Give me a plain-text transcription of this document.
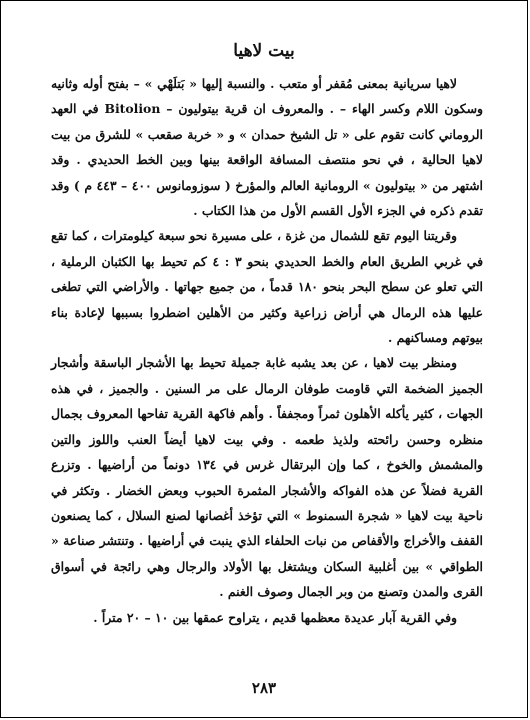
بيت لاهيا

لاهيا سريانية بمعنى مُقفر أو متعب . والنسبة إليها « بَتلَهْي » – بفتح أوله وثانيه وسكون اللام وكسر الهاء – . والمعروف ان قرية بيتوليون – Bitolion في العهد الروماني كانت تقوم على « تل الشيخ حمدان » و « خربة صقعب » للشرق من بيت لاهيا الحالية ، في نحو منتصف المسافة الواقعة بينها وبين الخط الحديدي . وقد اشتهر من « بيتوليون » الرومانية العالم والمؤرخ ( سوزومانوس ٤٠٠ – ٤٤٣ م ) وقد تقدم ذكره في الجزء الأول القسم الأول من هذا الكتاب .

وقريتنا اليوم تقع للشمال من غزة ، على مسيرة نحو سبعة كيلومترات ، كما تقع في غربي الطريق العام والخط الحديدي بنحو ٣ : ٤ كم تحيط بها الكثبان الرملية ، التي تعلو عن سطح البحر بنحو ١٨٠ قدماً ، من جميع جهاتها . والأراضي التي تطغى عليها هذه الرمال هي أراض زراعية وكثير من الأهلين اضطروا بسببها لإعادة بناء بيوتهم ومساكنهم .

ومنظر بيت لاهيا ، عن بعد يشبه غابة جميلة تحيط بها الأشجار الباسقة وأشجار الجميز الضخمة التي قاومت طوفان الرمال على مر السنين . والجميز ، في هذه الجهات ، كثير يأكله الأهلون ثمراً ومجففاً . وأهم فاكهة القرية تفاحها المعروف بجمال منظره وحسن رائحته ولذيذ طعمه . وفي بيت لاهيا أيضاً العنب واللوز والتين والمشمش والخوخ ، كما وإن البرتقال غرس في ١٣٤ دونماً من أراضيها . وتزرع القرية فضلاً عن هذه الفواكه والأشجار المثمرة الحبوب وبعض الخضار . وتكثر في ناحية بيت لاهيا « شجرة السمنوط » التي تؤخذ أغصانها لصنع السلال ، كما يصنعون القفف والأخراج والأقفاص من نبات الحلفاء الذي ينبت في أراضيها . وتنتشر صناعة « الطواقي » بين أغلبية السكان ويشتغل بها الأولاد والرجال وهي رائجة في أسواق القرى والمدن وتصنع من وبر الجمال وصوف الغنم .

وفي القرية آبار عديدة معظمها قديم ، يتراوح عمقها بين ١٠ – ٢٠ متراً .

٢٨٣
